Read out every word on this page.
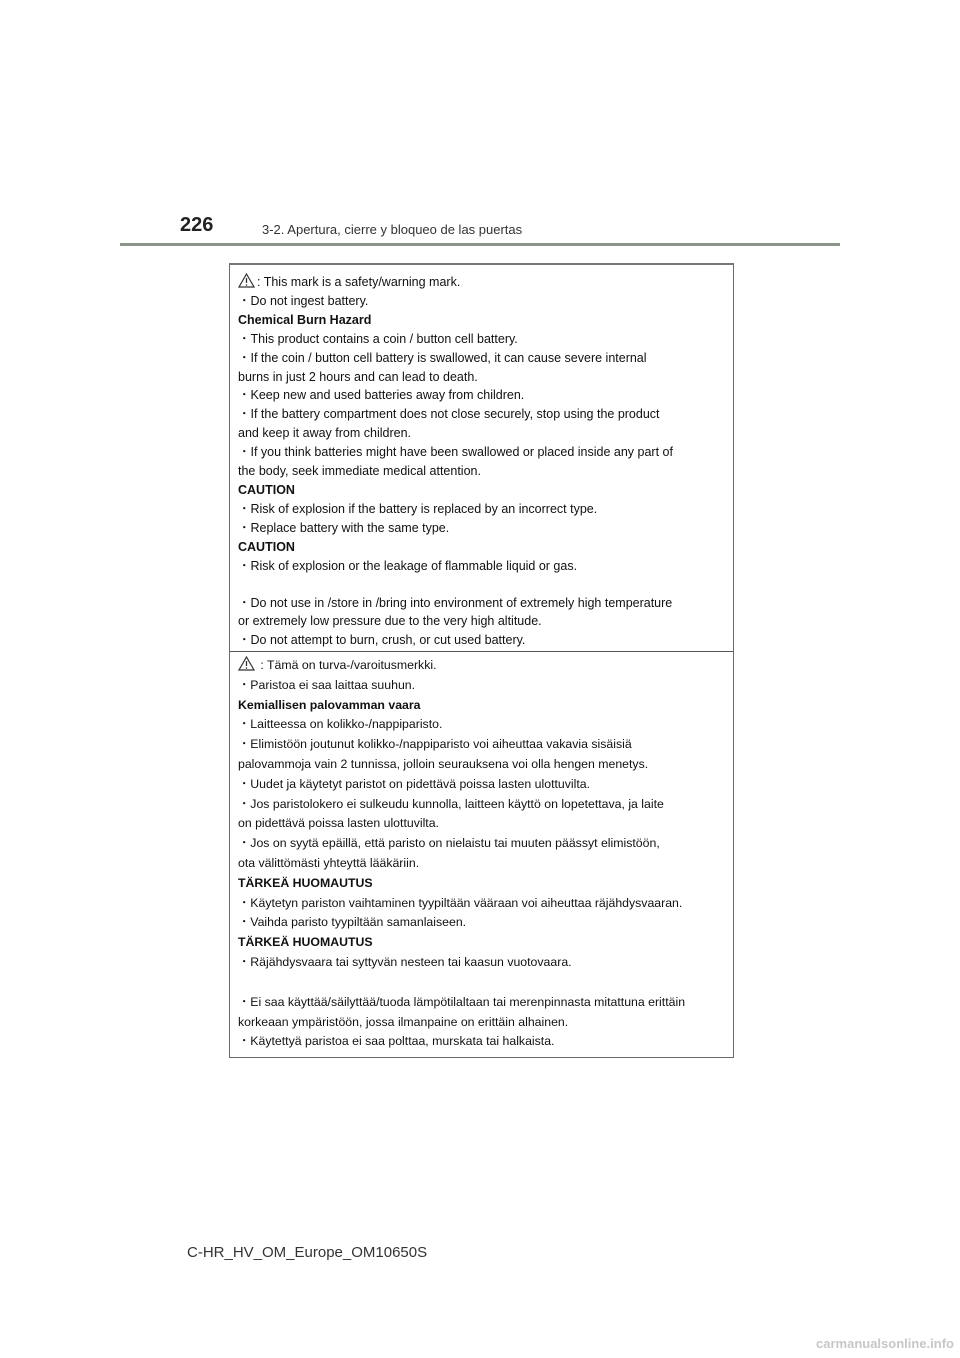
226	3-2. Apertura, cierre y bloqueo de las puertas
: This mark is a safety/warning mark.
・Do not ingest battery.
Chemical Burn Hazard
・This product contains a coin / button cell battery.
・If the coin / button cell battery is swallowed, it can cause severe internal
burns in just 2 hours and can lead to death.
・Keep new and used batteries away from children.
・If the battery compartment does not close securely, stop using the product
and keep it away from children.
・If you think batteries might have been swallowed or placed inside any part of
the body, seek immediate medical attention.
CAUTION
・Risk of explosion if the battery is replaced by an incorrect type.
・Replace battery with the same type.
CAUTION
・Risk of explosion or the leakage of flammable liquid or gas.
・Do not use in /store in /bring into environment of extremely high temperature
or extremely low pressure due to the very high altitude.
・Do not attempt to burn, crush, or cut used battery.
: Tämä on turva-/varoitusmerkki.
・Paristoa ei saa laittaa suuhun.
Kemiallisen palovamman vaara
・Laitteessa on kolikko-/nappiparisto.
・Elimistöön joutunut kolikko-/nappiparisto voi aiheuttaa vakavia sisäisiä
palovammoja vain 2 tunnissa, jolloin seurauksena voi olla hengen menetys.
・Uudet ja käytetyt paristot on pidettävä poissa lasten ulottuvilta.
・Jos paristolokero ei sulkeudu kunnolla, laitteen käyttö on lopetettava, ja laite
on pidettävä poissa lasten ulottuvilta.
・Jos on syytä epäillä, että paristo on nielaistu tai muuten päässyt elimistöön,
ota välittömästi yhteyttä lääkäriin.
TÄRKEÄ HUOMAUTUS
・Käytetyn pariston vaihtaminen tyypiltään vääraan voi aiheuttaa räjähdysvaaran.
・Vaihda paristo tyypiltään samanlaiseen.
TÄRKEÄ HUOMAUTUS
・Räjähdysvaara tai syttyvän nesteen tai kaasun vuotovaara.
・Ei saa käyttää/säilyttää/tuoda lämpötilaltaan tai merenpinnasta mitattuna erittäin
korkeaan ympäristöön, jossa ilmanpaine on erittäin alhainen.
・Käytettyä paristoa ei saa polttaa, murskata tai halkaista.
C-HR_HV_OM_Europe_OM10650S
carmanualsonline.info
